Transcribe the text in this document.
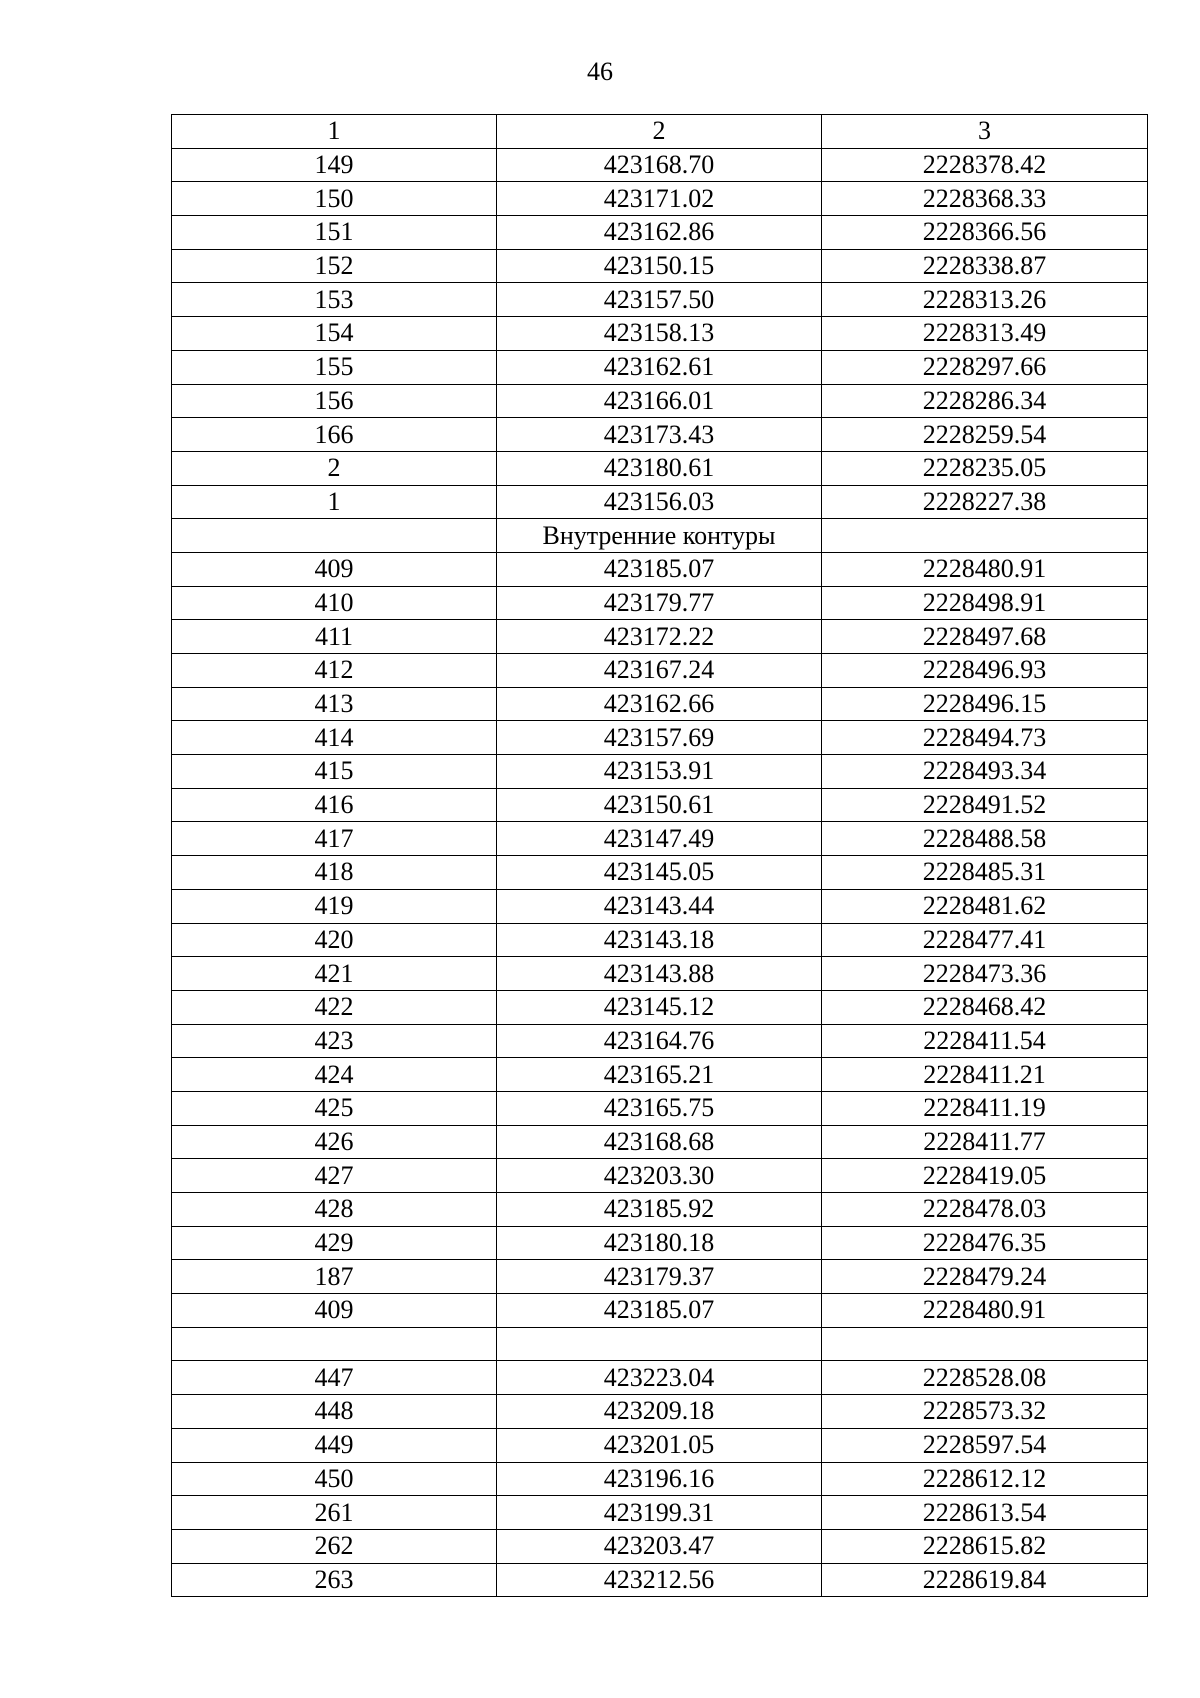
46
1	2	3
149	423168.70	2228378.42
150	423171.02	2228368.33
151	423162.86	2228366.56
152	423150.15	2228338.87
153	423157.50	2228313.26
154	423158.13	2228313.49
155	423162.61	2228297.66
156	423166.01	2228286.34
166	423173.43	2228259.54
2	423180.61	2228235.05
1	423156.03	2228227.38
	Внутренние контуры	
409	423185.07	2228480.91
410	423179.77	2228498.91
411	423172.22	2228497.68
412	423167.24	2228496.93
413	423162.66	2228496.15
414	423157.69	2228494.73
415	423153.91	2228493.34
416	423150.61	2228491.52
417	423147.49	2228488.58
418	423145.05	2228485.31
419	423143.44	2228481.62
420	423143.18	2228477.41
421	423143.88	2228473.36
422	423145.12	2228468.42
423	423164.76	2228411.54
424	423165.21	2228411.21
425	423165.75	2228411.19
426	423168.68	2228411.77
427	423203.30	2228419.05
428	423185.92	2228478.03
429	423180.18	2228476.35
187	423179.37	2228479.24
409	423185.07	2228480.91

447	423223.04	2228528.08
448	423209.18	2228573.32
449	423201.05	2228597.54
450	423196.16	2228612.12
261	423199.31	2228613.54
262	423203.47	2228615.82
263	423212.56	2228619.84
